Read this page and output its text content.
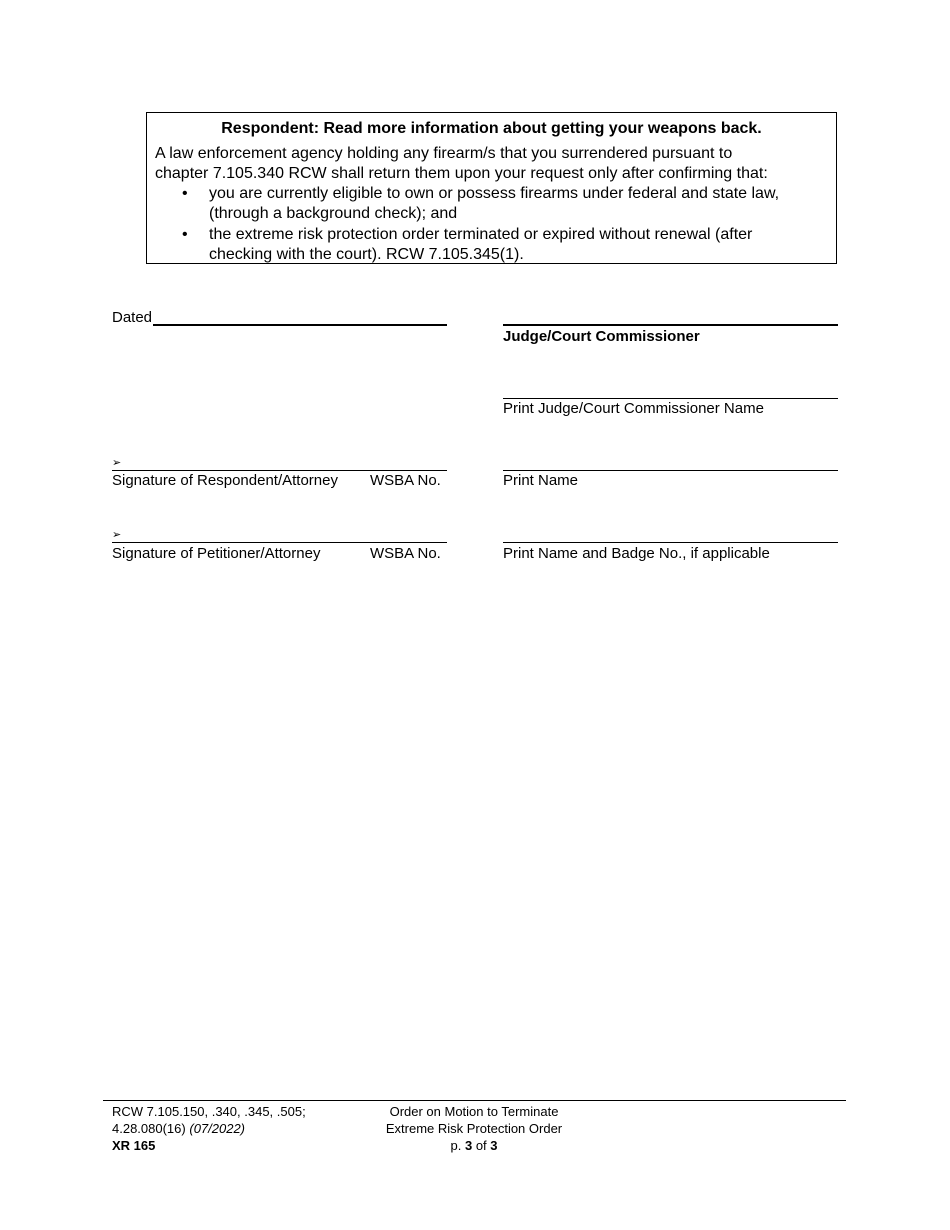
Respondent: Read more information about getting your weapons back.
A law enforcement agency holding any firearm/s that you surrendered pursuant to
chapter 7.105.340 RCW shall return them upon your request only after confirming that:
• you are currently eligible to own or possess firearms under federal and state law,
(through a background check); and
• the extreme risk protection order terminated or expired without renewal (after
checking with the court). RCW 7.105.345(1).
Dated
Judge/Court Commissioner
Print Judge/Court Commissioner Name
➢
Signature of Respondent/Attorney WSBA No.	Print Name
➢
Signature of Petitioner/Attorney	WSBA No.	Print Name and Badge No., if applicable
RCW 7.105.150, .340, .345, .505;
4.28.080(16) (07/2022)
XR 165
Order on Motion to Terminate
Extreme Risk Protection Order
p. 3 of 3
